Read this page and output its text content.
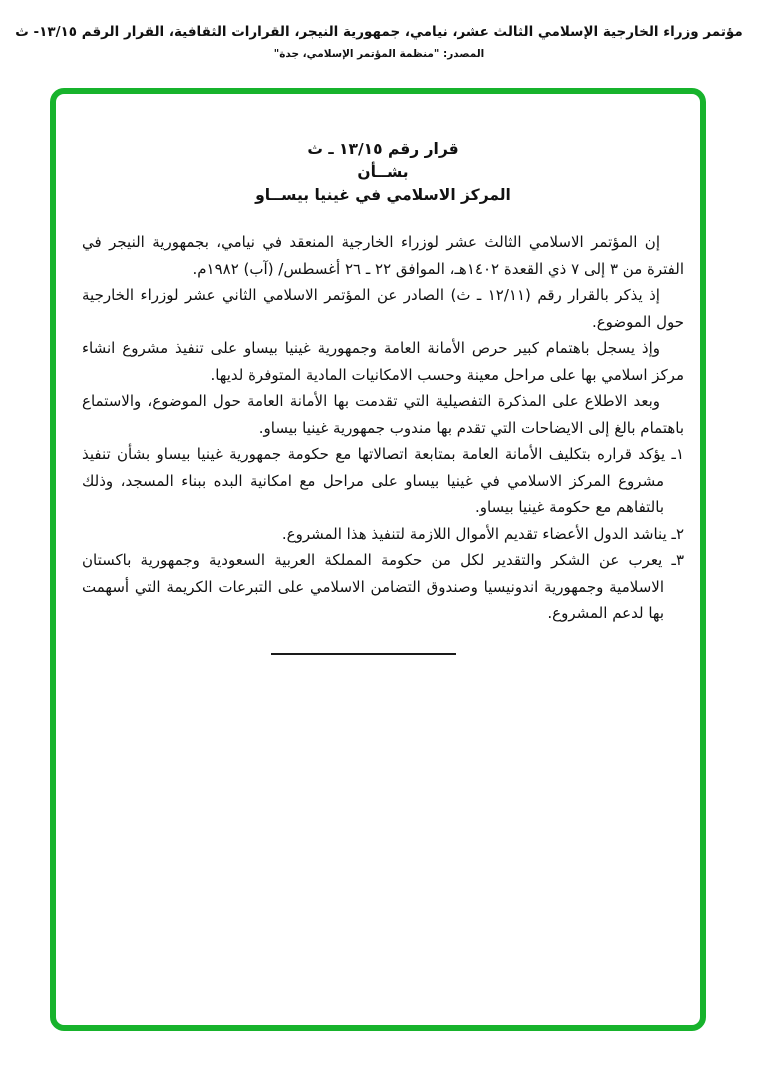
مؤتمر وزراء الخارجية الإسلامي الثالث عشر، نيامي، جمهورية النيجر، القرارات الثقافية، القرار الرقم ١٣/١٥- ث
المصدر: "منظمة المؤتمر الإسلامي، جدة"
قرار رقم ١٣/١٥ ـ ث
بشــأن
المركز الاسلامي في غينيا بيســاو

إن المؤتمر الاسلامي الثالث عشر لوزراء الخارجية المنعقد في نيامي، بجمهورية النيجر في الفترة من ٣ إلى ٧ ذي القعدة ١٤٠٢هـ، الموافق ٢٢ ـ ٢٦ أغسطس/ (آب) ١٩٨٢م.

إذ يذكر بالقرار رقم (١٢/١١ ـ ث) الصادر عن المؤتمر الاسلامي الثاني عشر لوزراء الخارجية حول الموضوع.

وإذ يسجل باهتمام كبير حرص الأمانة العامة وجمهورية غينيا بيساو على تنفيذ مشروع انشاء مركز اسلامي بها على مراحل معينة وحسب الامكانيات المادية المتوفرة لديها.

وبعد الاطلاع على المذكرة التفصيلية التي تقدمت بها الأمانة العامة حول الموضوع، والاستماع باهتمام بالغ إلى الايضاحات التي تقدم بها مندوب جمهورية غينيا بيساو.

١ـ يؤكد قراره بتكليف الأمانة العامة بمتابعة اتصالاتها مع حكومة جمهورية غينيا بيساو بشأن تنفيذ مشروع المركز الاسلامي في غينيا بيساو على مراحل مع امكانية البده ببناء المسجد، وذلك بالتفاهم مع حكومة غينيا بيساو.
٢ـ يناشد الدول الأعضاء تقديم الأموال اللازمة لتنفيذ هذا المشروع.
٣ـ يعرب عن الشكر والتقدير لكل من حكومة المملكة العربية السعودية وجمهورية باكستان الاسلامية وجمهورية اندونيسيا وصندوق التضامن الاسلامي على التبرعات الكريمة التي أسهمت بها لدعم المشروع.
